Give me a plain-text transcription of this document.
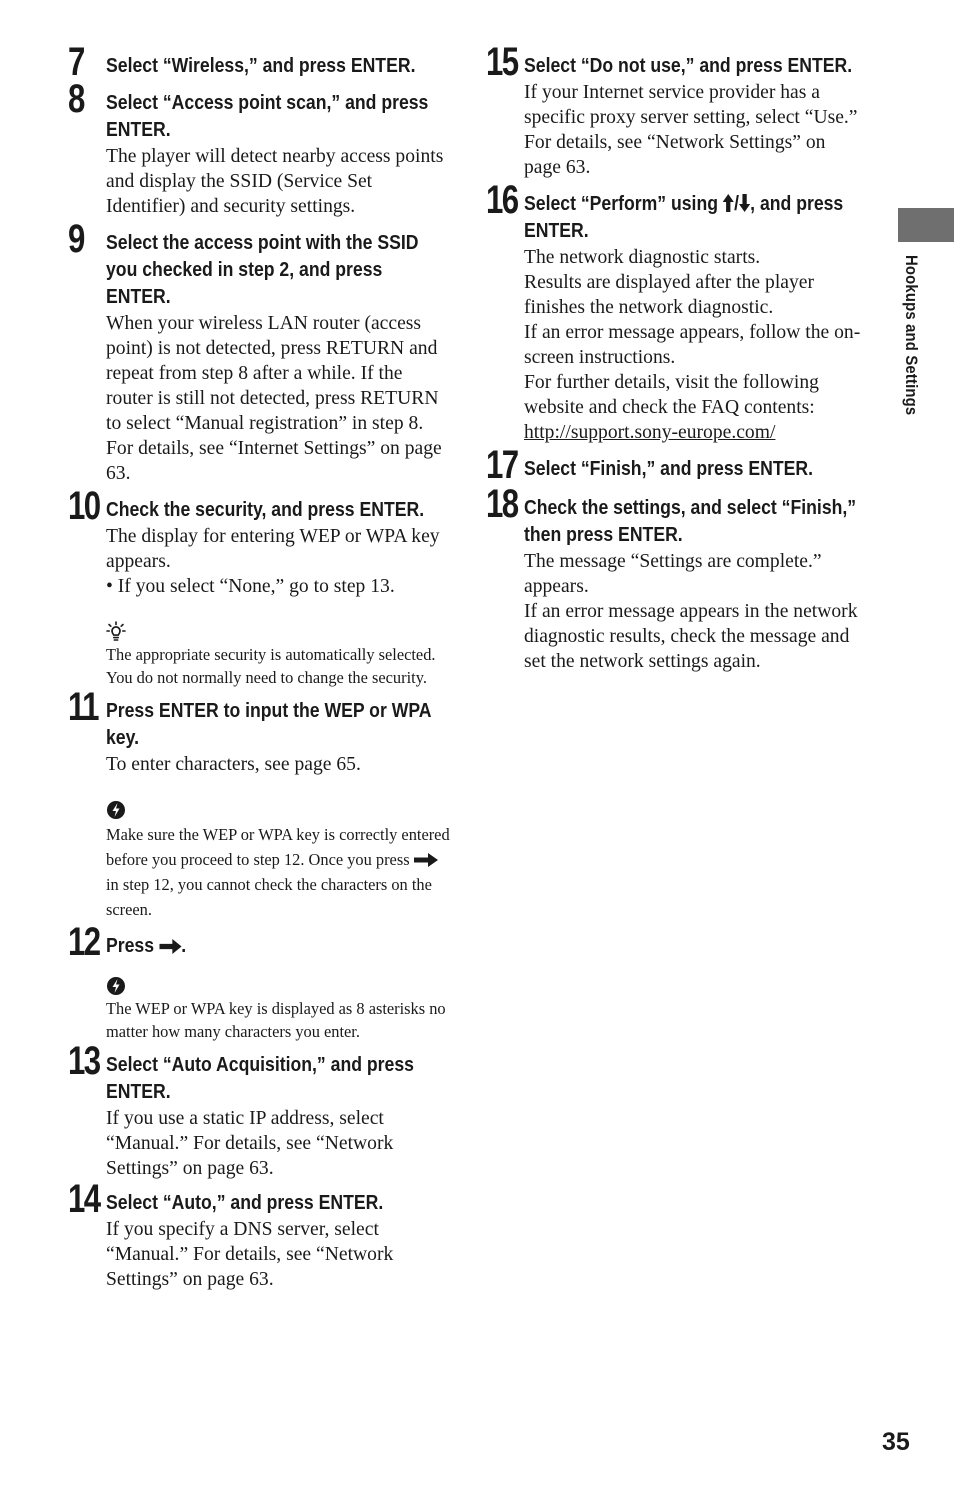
7 Select “Wireless,” and press ENTER.
8 Select “Access point scan,” and press ENTER.

The player will detect nearby access points and display the SSID (Service Set Identifier) and security settings.

9 Select the access point with the SSID you checked in step 2, and press ENTER.

When your wireless LAN router (access point) is not detected, press RETURN and repeat from step 8 after a while. If the router is still not detected, press RETURN to select “Manual registration” in step 8. For details, see “Internet Settings” on page 63.

10 Check the security, and press ENTER.

The display for entering WEP or WPA key appears.

• If you select “None,” go to step 13.

The appropriate security is automatically selected. You do not normally need to change the security.

11 Press ENTER to input the WEP or WPA key.

To enter characters, see page 65.

Make sure the WEP or WPA key is correctly entered before you proceed to step 12. Once you press  in step 12, you cannot check the characters on the screen.

12 Press .

The WEP or WPA key is displayed as 8 asterisks no matter how many characters you enter.

13 Select “Auto Acquisition,” and press ENTER.

If you use a static IP address, select “Manual.” For details, see “Network Settings” on page 63.

14 Select “Auto,” and press ENTER.

If you specify a DNS server, select “Manual.” For details, see “Network Settings” on page 63.

15 Select “Do not use,” and press ENTER.

If your Internet service provider has a specific proxy server setting, select “Use.” For details, see “Network Settings” on page 63.

16 Select “Perform” using / , and press ENTER.

The network diagnostic starts.

Results are displayed after the player finishes the network diagnostic.

If an error message appears, follow the on-screen instructions.

For further details, visit the following website and check the FAQ contents:

http://support.sony-europe.com/

17 Select “Finish,” and press ENTER.
18 Check the settings, and select “Finish,” then press ENTER.

The message “Settings are complete.” appears.

If an error message appears in the network diagnostic results, check the message and set the network settings again.

Hookups and Settings
35
